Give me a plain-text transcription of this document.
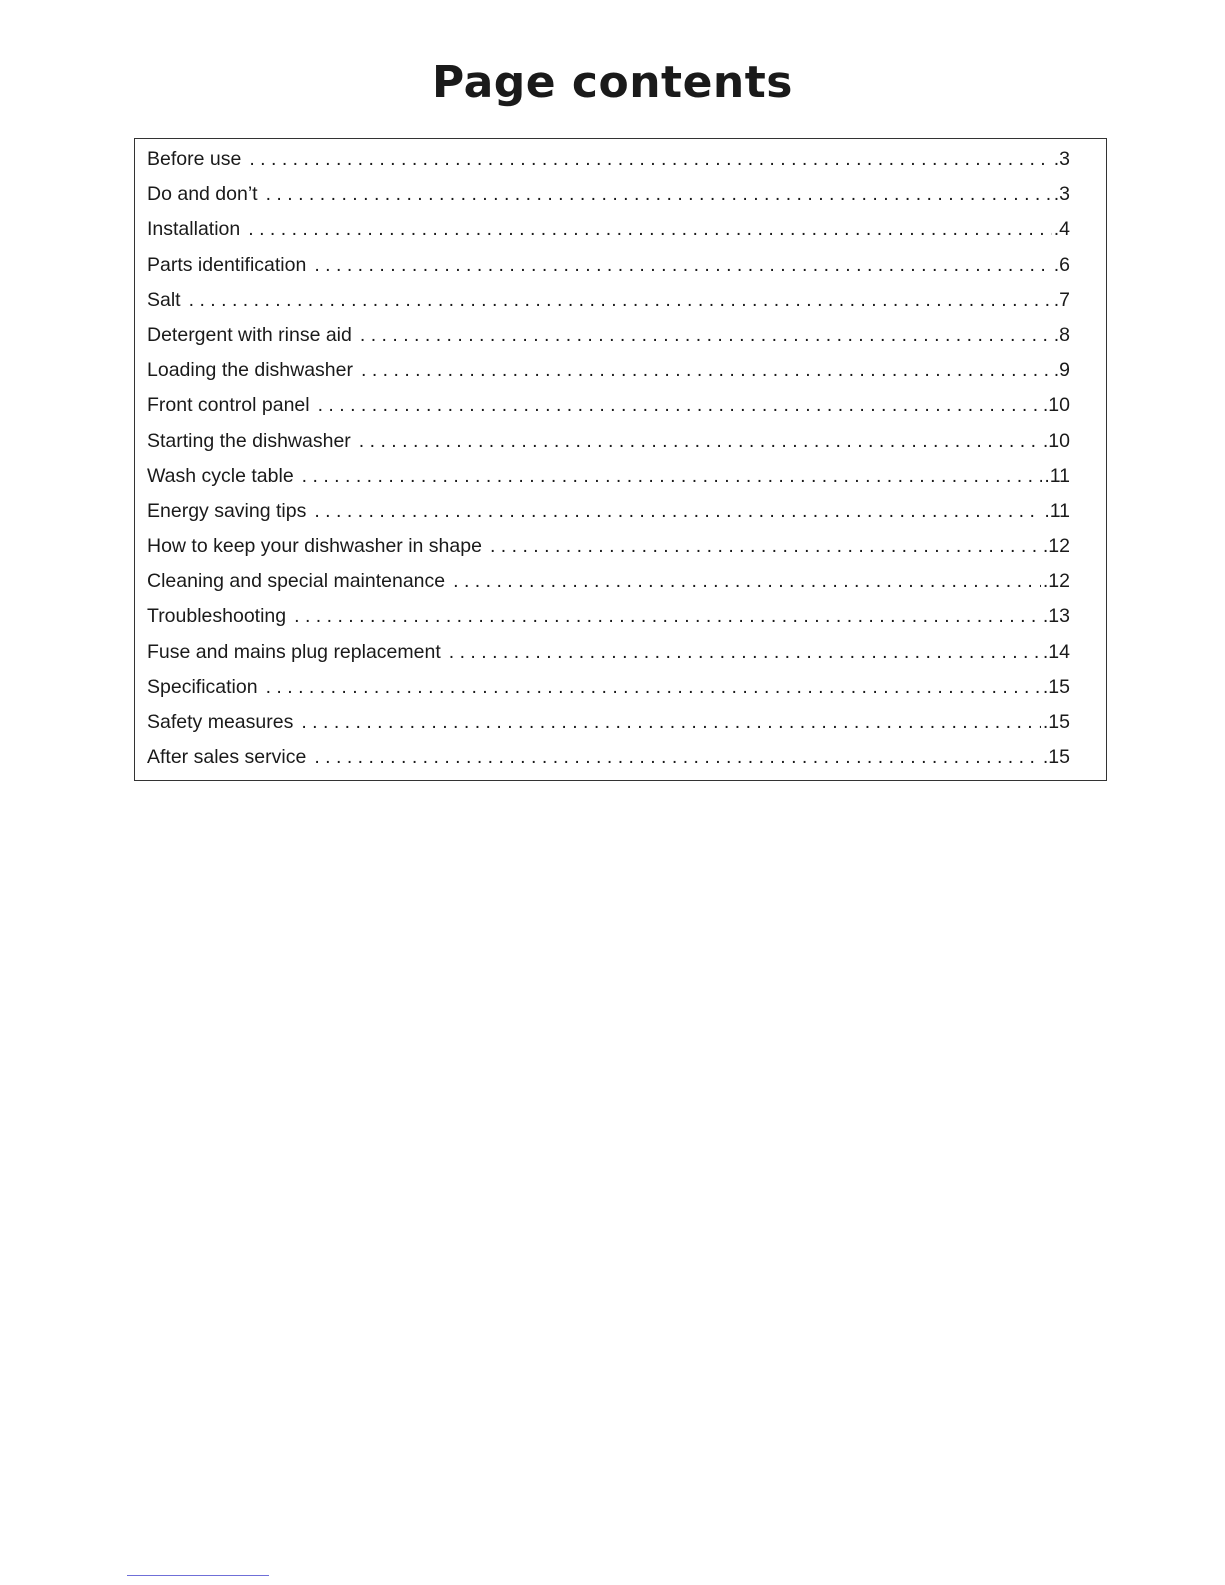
Page contents
Before use . . .	.3
Do and don’t . . .	.3
Installation . . .	.4
Parts identification . . .	.6
Salt . . .	.7
Detergent with rinse aid . . .	.8
Loading the dishwasher . . .	.9
Front control panel . . .	.10
Starting the dishwasher . . .	.10
Wash cycle table . . .	.11
Energy saving tips . . .	.11
How to keep your dishwasher in shape . . .	.12
Cleaning and special maintenance . . .	.12
Troubleshooting . . .	.13
Fuse and mains plug replacement . . .	.14
Specification . . .	.15
Safety measures . . .	.15
After sales service . . .	.15
